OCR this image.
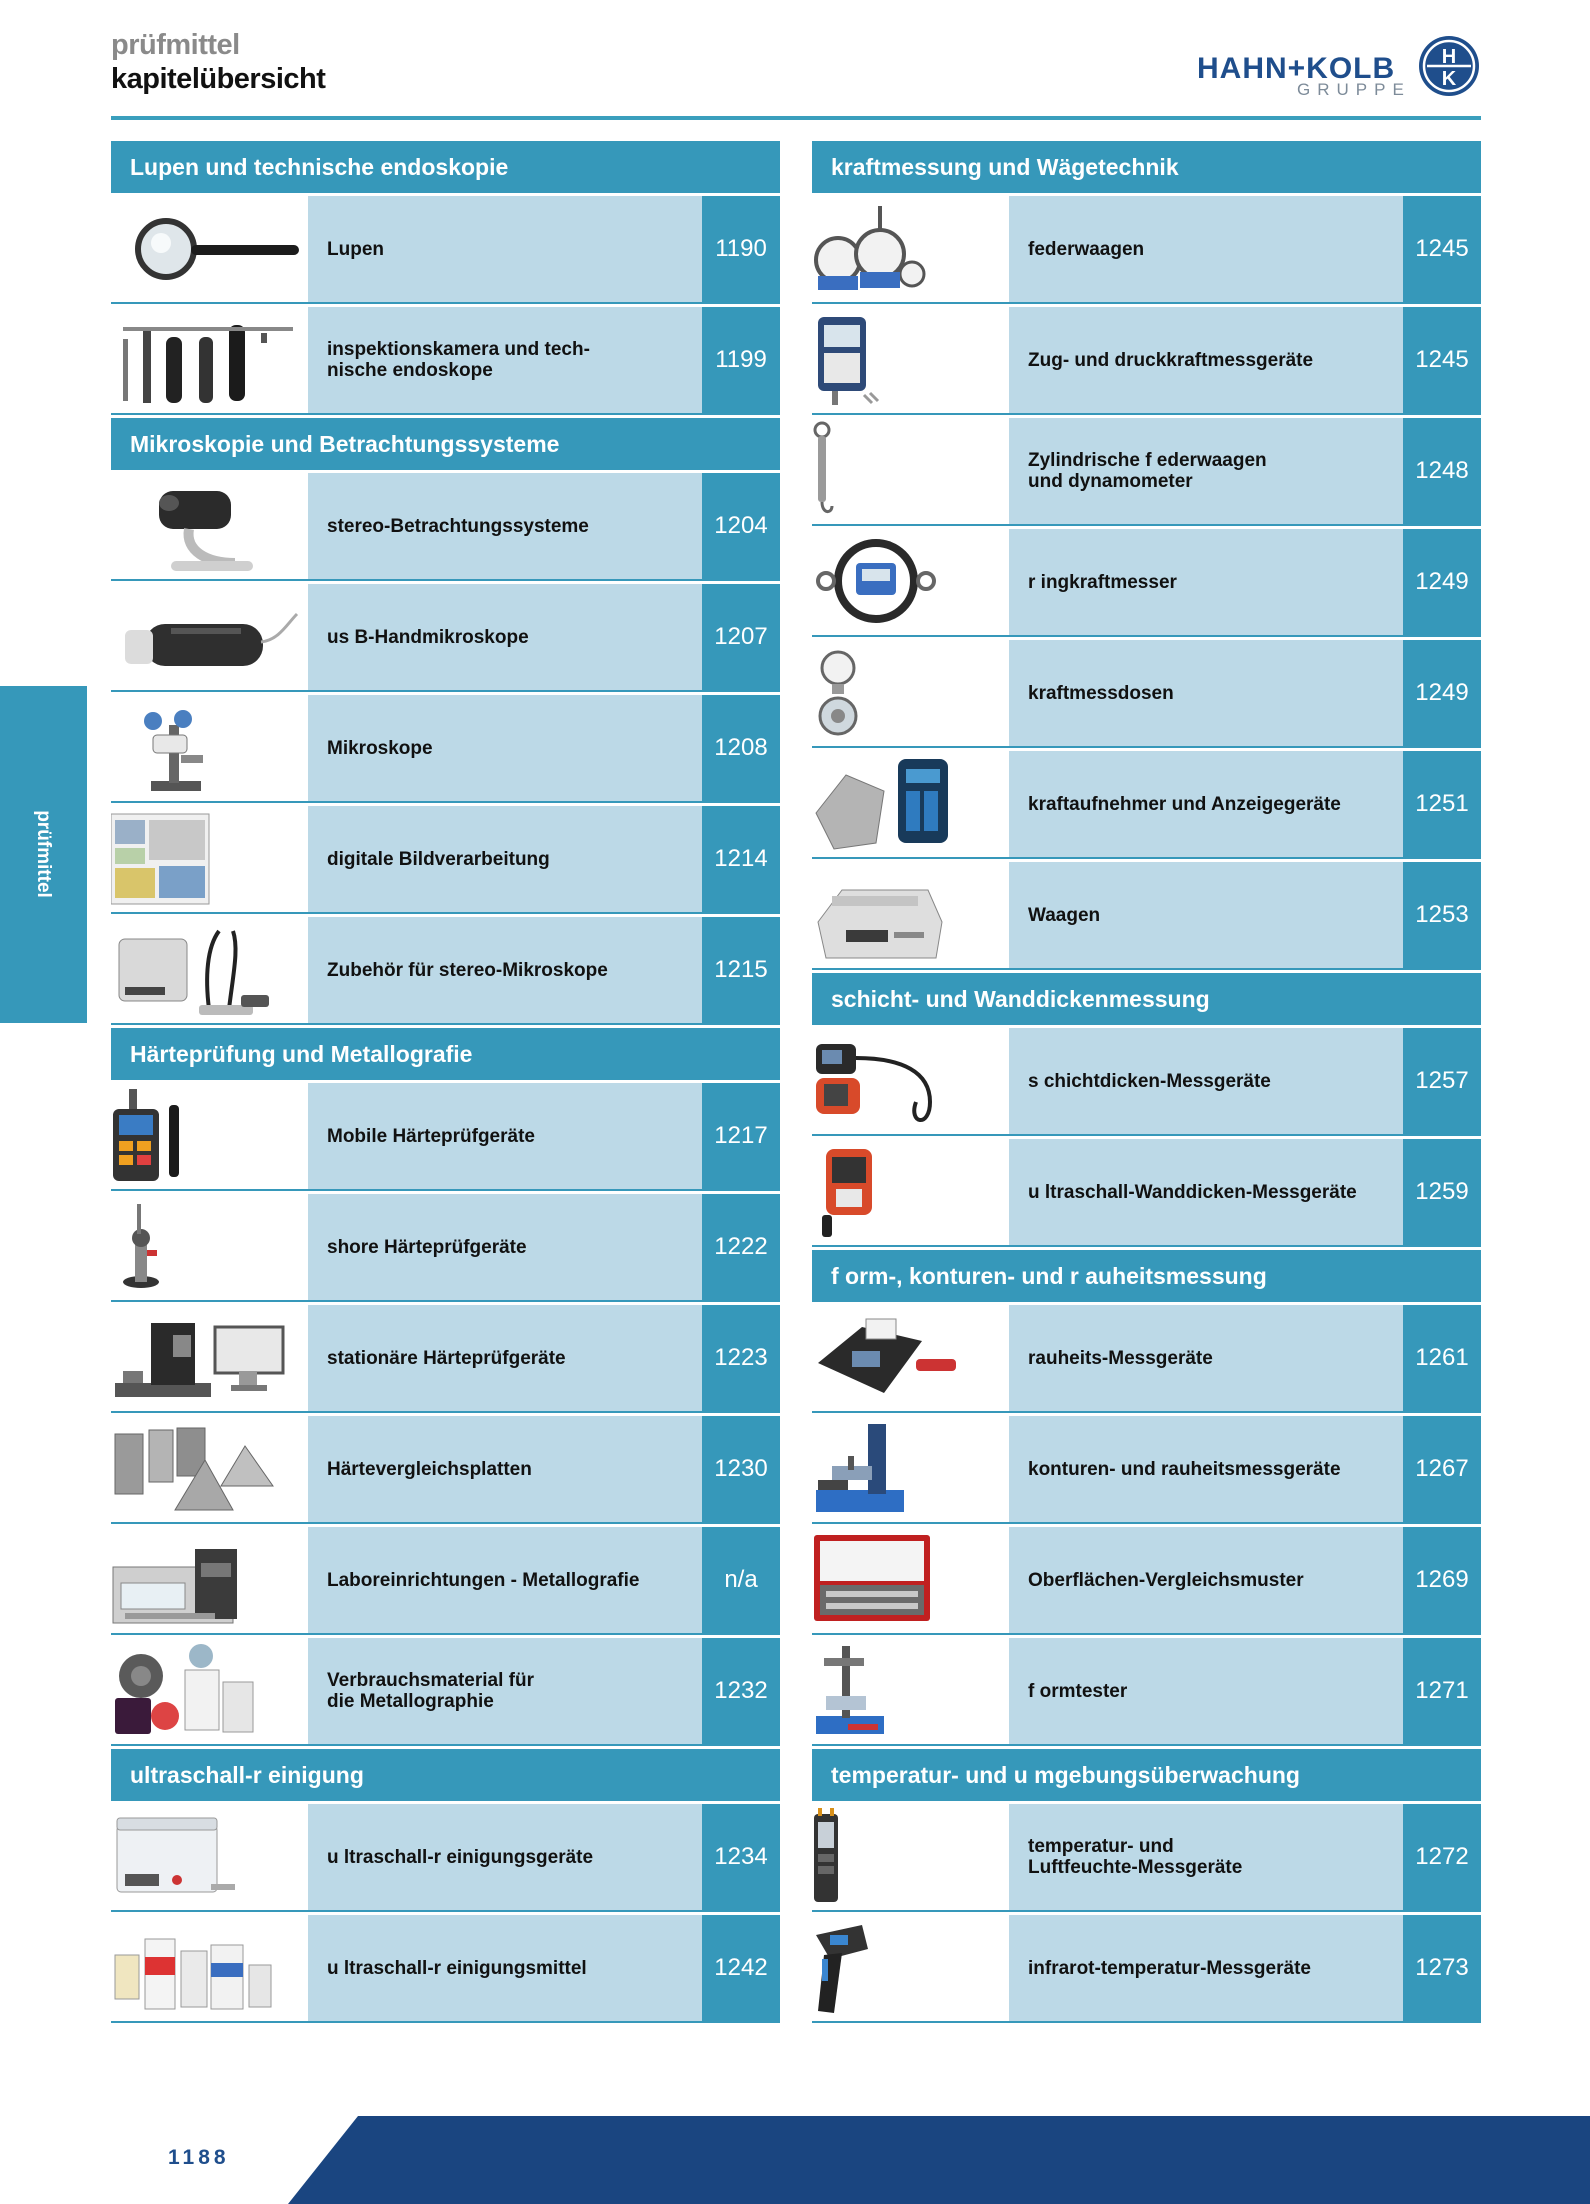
prüfmittel
kapitelübersicht	HAHN+KOLB
GRUPPE
H
K
prüfmittel
Lupen und technische endoskopie
Lupen	1190
inspektionskamera und tech-
nische endoskope	1199
Mikroskopie und Betrachtungssysteme
stereo-Betrachtungssysteme	1204
us B-Handmikroskope	1207
Mikroskope	1208
digitale Bildverarbeitung	1214
Zubehör für stereo-Mikroskope	1215
Härteprüfung und Metallografie
Mobile Härteprüfgeräte	1217
shore Härteprüfgeräte	1222
stationäre Härteprüfgeräte	1223
Härtevergleichsplatten	1230
Laboreinrichtungen - Metallografie	n/a
Verbrauchsmaterial für
die Metallographie	1232
ultraschall-r einigung
u ltraschall-r einigungsgeräte	1234
u ltraschall-r einigungsmittel	1242
kraftmessung und Wägetechnik
federwaagen	1245
Zug- und druckkraftmessgeräte	1245
Zylindrische f ederwaagen
und dynamometer	1248
r ingkraftmesser	1249
kraftmessdosen	1249
kraftaufnehmer und Anzeigegeräte	1251
Waagen	1253
schicht- und Wanddickenmessung
s chichtdicken-Messgeräte	1257
u ltraschall-Wanddicken-Messgeräte	1259
f orm-, konturen- und r auheitsmessung
rauheits-Messgeräte	1261
konturen- und rauheitsmessgeräte	1267
Oberflächen-Vergleichsmuster	1269
f ormtester	1271
temperatur- und u mgebungsüberwachung
temperatur- und
Luftfeuchte-Messgeräte	1272
infrarot-temperatur-Messgeräte	1273
1188
